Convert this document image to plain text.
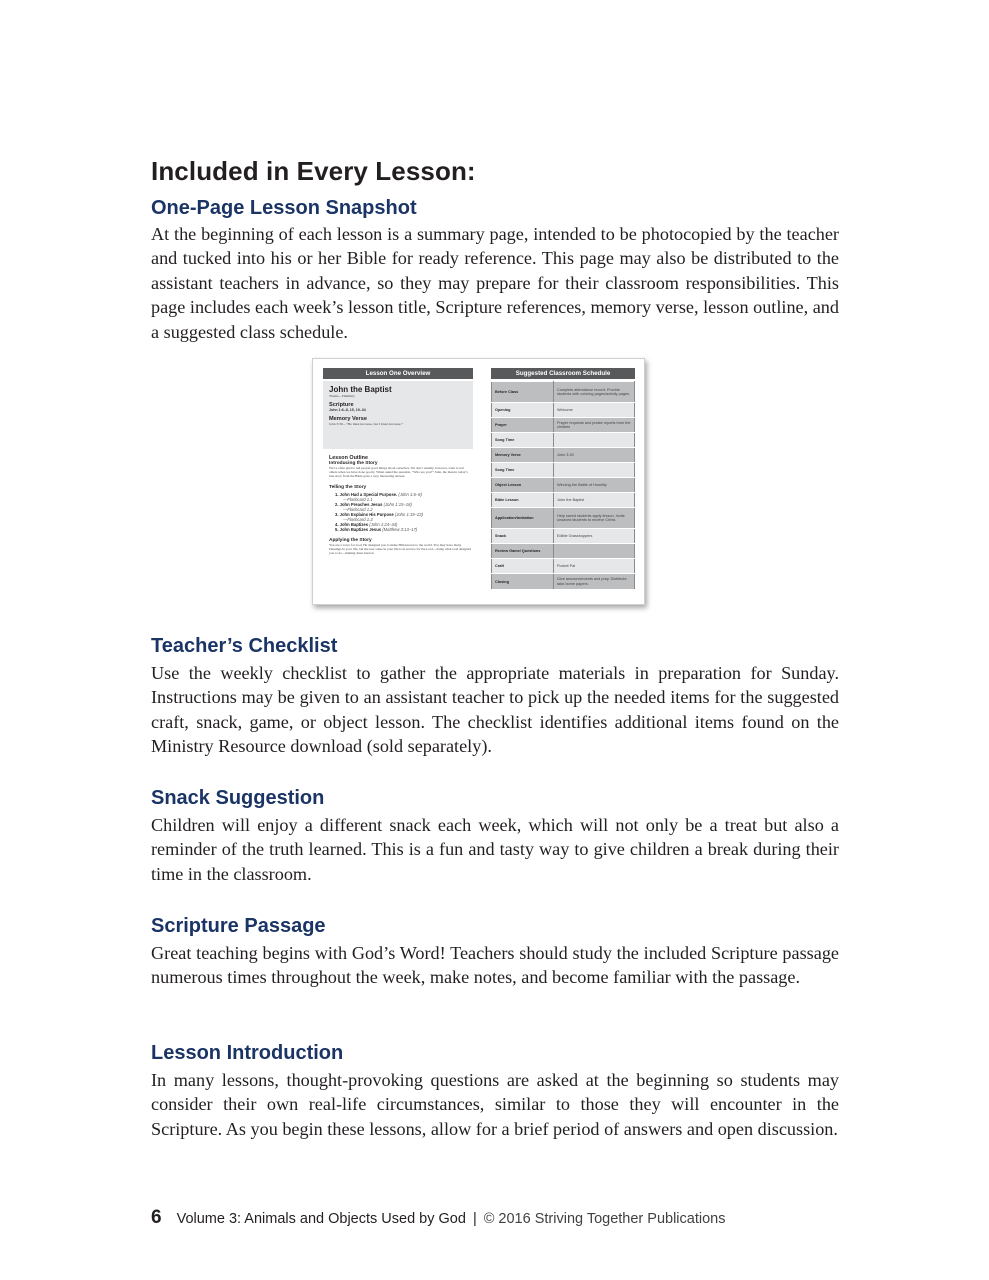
Included in Every Lesson:
One-Page Lesson Snapshot

At the beginning of each lesson is a summary page, intended to be photocopied by the teacher and tucked into his or her Bible for ready reference. This page may also be distributed to the assistant teachers in advance, so they may prepare for their classroom responsibilities. This page includes each week’s lesson title, Scripture references, memory verse, lesson outline, and a suggested class schedule.

Lesson One Overview
John the Baptist
Theme—Humility
Scripture
John 1:6–8, 15, 19–34
Memory Verse
John 3:30—“He must increase, but I must decrease.”
Lesson Outline
Introducing the Story
We’re often glad to tell people good things about ourselves. We don’t usually, however, want to tell others when we have done poorly. When asked the question, “Who are you?” John, the man in today’s true story from the Bible gave a very interesting answer.
Telling the Story
1. John Had a Special Purpose. (John 1:6–8)
—Flashcard 1.1
2. John Preaches Jesus (John 1:15–18)
—Flashcard 1.2
3. John Explains His Purpose (John 1:19–23)
—Flashcard 1.3
4. John Baptizes (John 1:24–34)
5. John Baptizes Jesus (Matthew 3:13–17)
Applying the Story
You are a voice for God. He designed you to make Him known to the world. You may have many blessings in your life, but the true value in your life is in service for the Lord—doing what God designed you to do—making Jesus known.
Suggested Classroom Schedule
Before Class	Complete attendance record. Provide students with coloring pages/activity pages.
Opening	Welcome
Prayer	Prayer requests and praise reports from the children
Song Time	
Memory Verse	John 3:30
Song Time	
Object Lesson	Winning the Battle of Humility
Bible Lesson	John the Baptist
Application/Invitation	Help saved students apply lesson. Invite unsaved students to receive Christ.
Snack	Edible Grasshoppers
Review Game/ Questions	
Craft	Pocket Pal
Closing	Give announcements and pray. Distribute take-home papers.
Teacher’s Checklist

Use the weekly checklist to gather the appropriate materials in preparation for Sunday. Instructions may be given to an assistant teacher to pick up the needed items for the suggested craft, snack, game, or object lesson. The checklist identifies additional items found on the Ministry Resource download (sold separately).

Snack Suggestion

Children will enjoy a different snack each week, which will not only be a treat but also a reminder of the truth learned. This is a fun and tasty way to give children a break during their time in the classroom.

Scripture Passage

Great teaching begins with God’s Word! Teachers should study the included Scripture passage numerous times throughout the week, make notes, and become familiar with the passage.

Lesson Introduction

In many lessons, thought-provoking questions are asked at the beginning so students may consider their own real-life circumstances, similar to those they will encounter in the Scripture. As you begin these lessons, allow for a brief period of answers and open discussion.

6 Volume 3: Animals and Objects Used by God | © 2016 Striving Together Publications
